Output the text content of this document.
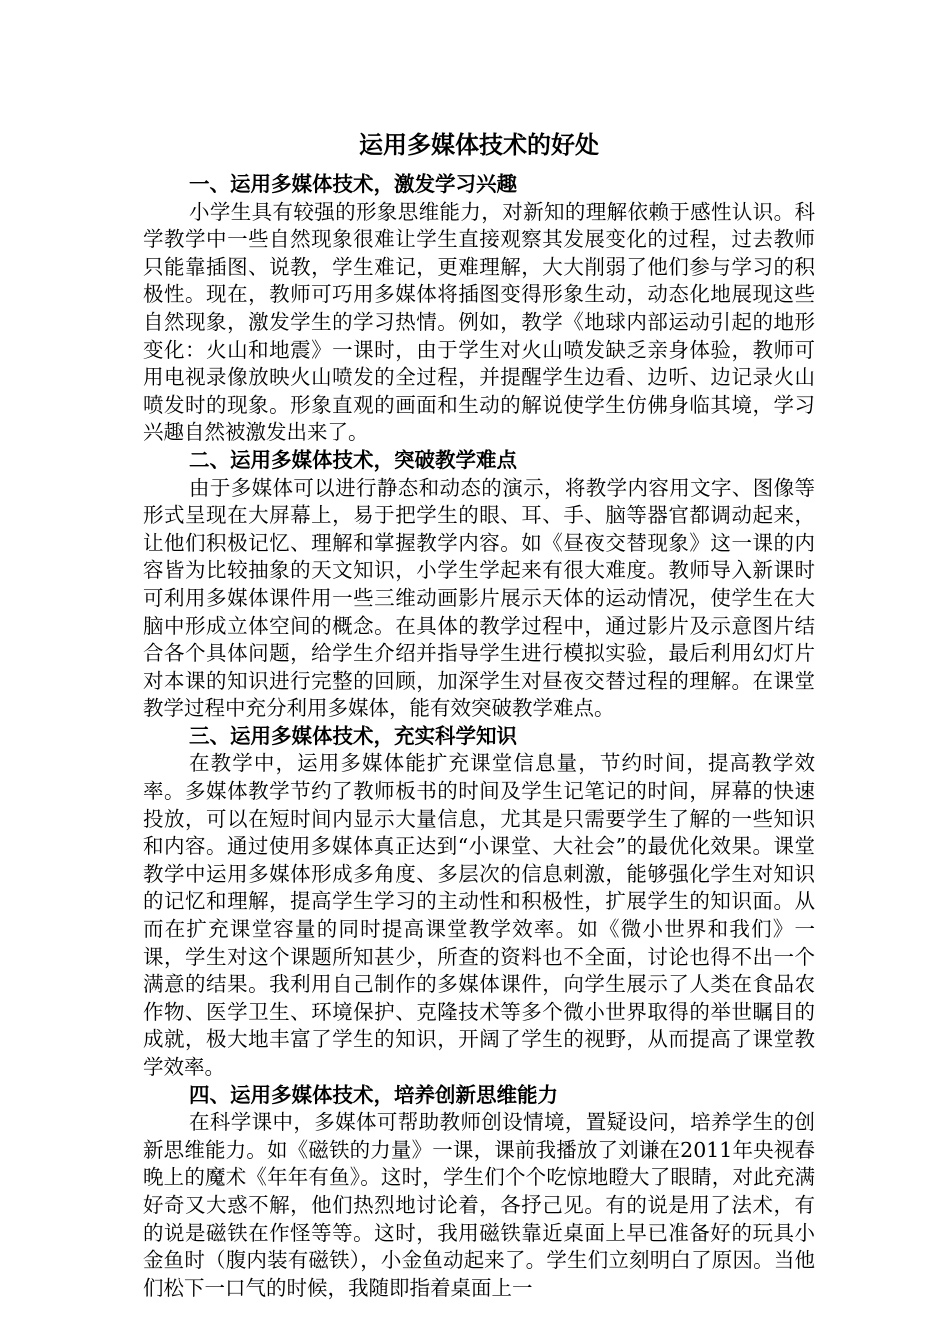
运用多媒体技术的好处
一、运用多媒体技术，激发学习兴趣

小学生具有较强的形象思维能力，对新知的理解依赖于感性认识。科学教学中一些自然现象很难让学生直接观察其发展变化的过程，过去教师只能靠插图、说教，学生难记，更难理解，大大削弱了他们参与学习的积极性。现在，教师可巧用多媒体将插图变得形象生动，动态化地展现这些自然现象，激发学生的学习热情。例如，教学《地球内部运动引起的地形变化：火山和地震》一课时，由于学生对火山喷发缺乏亲身体验，教师可用电视录像放映火山喷发的全过程，并提醒学生边看、边听、边记录火山喷发时的现象。形象直观的画面和生动的解说使学生仿佛身临其境，学习兴趣自然被激发出来了。

二、运用多媒体技术，突破教学难点

由于多媒体可以进行静态和动态的演示，将教学内容用文字、图像等形式呈现在大屏幕上，易于把学生的眼、耳、手、脑等器官都调动起来，让他们积极记忆、理解和掌握教学内容。如《昼夜交替现象》这一课的内容皆为比较抽象的天文知识，小学生学起来有很大难度。教师导入新课时可利用多媒体课件用一些三维动画影片展示天体的运动情况，使学生在大脑中形成立体空间的概念。在具体的教学过程中，通过影片及示意图片结合各个具体问题，给学生介绍并指导学生进行模拟实验，最后利用幻灯片对本课的知识进行完整的回顾，加深学生对昼夜交替过程的理解。在课堂教学过程中充分利用多媒体，能有效突破教学难点。

三、运用多媒体技术，充实科学知识

在教学中，运用多媒体能扩充课堂信息量，节约时间，提高教学效率。多媒体教学节约了教师板书的时间及学生记笔记的时间，屏幕的快速投放，可以在短时间内显示大量信息，尤其是只需要学生了解的一些知识和内容。通过使用多媒体真正达到“小课堂、大社会”的最优化效果。课堂教学中运用多媒体形成多角度、多层次的信息刺激，能够强化学生对知识的记忆和理解，提高学生学习的主动性和积极性，扩展学生的知识面。从而在扩充课堂容量的同时提高课堂教学效率。如《微小世界和我们》一课，学生对这个课题所知甚少，所查的资料也不全面，讨论也得不出一个满意的结果。我利用自己制作的多媒体课件，向学生展示了人类在食品农作物、医学卫生、环境保护、克隆技术等多个微小世界取得的举世瞩目的成就，极大地丰富了学生的知识，开阔了学生的视野，从而提高了课堂教学效率。

四、运用多媒体技术，培养创新思维能力

在科学课中，多媒体可帮助教师创设情境，置疑设问，培养学生的创新思维能力。如《磁铁的力量》一课，课前我播放了刘谦在2011年央视春晚上的魔术《年年有鱼》。这时，学生们个个吃惊地瞪大了眼睛，对此充满好奇又大惑不解，他们热烈地讨论着，各抒己见。有的说是用了法术，有的说是磁铁在作怪等等。这时，我用磁铁靠近桌面上早已准备好的玩具小金鱼时（腹内装有磁铁），小金鱼动起来了。学生们立刻明白了原因。当他们松下一口气的时候，我随即指着桌面上一
